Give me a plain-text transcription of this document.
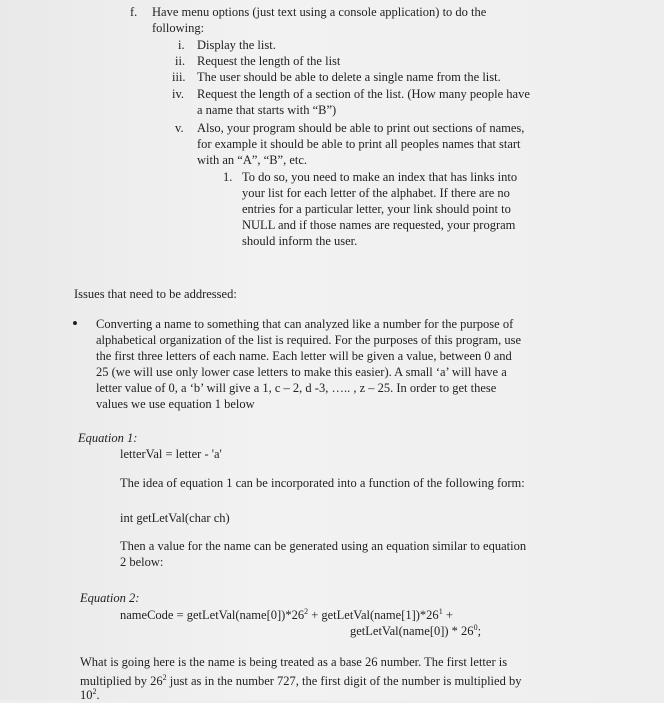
f. Have menu options (just text using a console application) to do the
following:
i. Display the list.
ii. Request the length of the list
iii. The user should be able to delete a single name from the list.
iv. Request the length of a section of the list. (How many people have
a name that starts with “B”)
v. Also, your program should be able to print out sections of names,
for example it should be able to print all peoples names that start
with an “A”, “B”, etc.
1. To do so, you need to make an index that has links into
your list for each letter of the alphabet. If there are no
entries for a particular letter, your link should point to
NULL and if those names are requested, your program
should inform the user.
Issues that need to be addressed:
• Converting a name to something that can analyzed like a number for the purpose of
alphabetical organization of the list is required. For the purposes of this program, use
the first three letters of each name. Each letter will be given a value, between 0 and
25 (we will use only lower case letters to make this easier). A small ‘a’ will have a
letter value of 0, a ‘b’ will give a 1, c – 2, d -3, ….. , z – 25. In order to get these
values we use equation 1 below
Equation 1:
letterVal = letter - 'a'
The idea of equation 1 can be incorporated into a function of the following form:
int getLetVal(char ch)
Then a value for the name can be generated using an equation similar to equation
2 below:
Equation 2:
nameCode = $getLetVal(name[0])*26^2$ + $getLetVal(name[1])*26^1$ +
getLetVal(name[0]) * $26^0$;
What is going here is the name is being treated as a base 26 number. The first letter is
multiplied by $26^2$ just as in the number 727, the first digit of the number is multiplied by
$10^2$.
